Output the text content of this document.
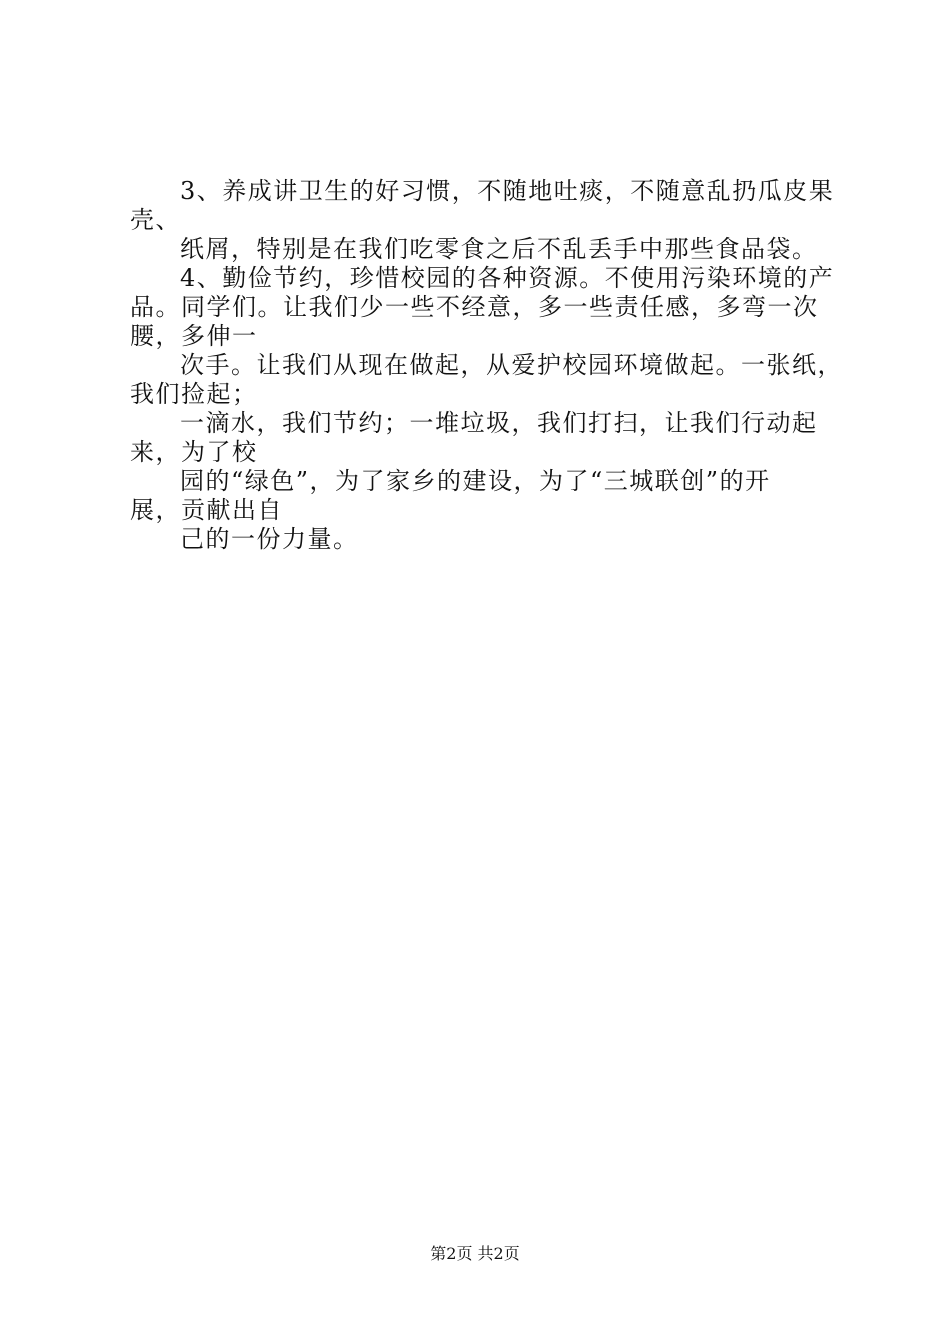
3、养成讲卫生的好习惯，不随地吐痰，不随意乱扔瓜皮果
壳、
纸屑，特别是在我们吃零食之后不乱丢手中那些食品袋。
4、勤俭节约，珍惜校园的各种资源。不使用污染环境的产
品。同学们。让我们少一些不经意，多一些责任感，多弯一次
腰，多伸一
次手。让我们从现在做起，从爱护校园环境做起。一张纸，
我们捡起；
一滴水，我们节约；一堆垃圾，我们打扫，让我们行动起
来，为了校
园的“绿色”，为了家乡的建设，为了“三城联创”的开
展，贡献出自
己的一份力量。
第2页 共2页
